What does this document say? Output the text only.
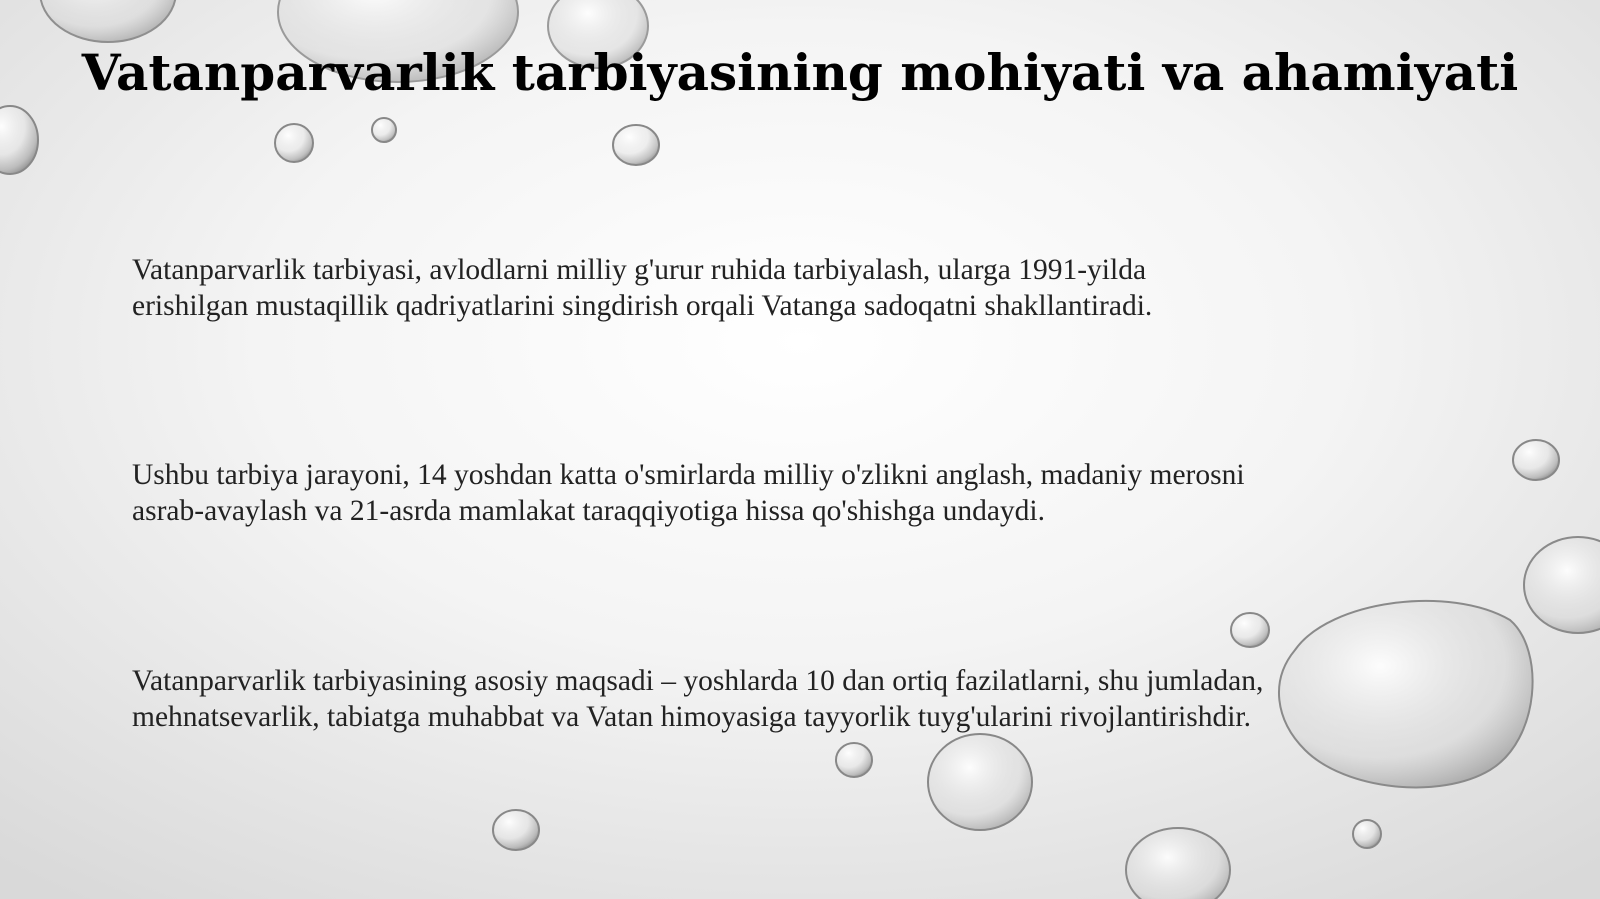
Vatanparvarlik tarbiyasining mohiyati va ahamiyati

Vatanparvarlik tarbiyasi, avlodlarni milliy g'urur ruhida tarbiyalash, ularga 1991-yilda
erishilgan mustaqillik qadriyatlarini singdirish orqali Vatanga sadoqatni shakllantiradi.

Ushbu tarbiya jarayoni, 14 yoshdan katta o'smirlarda milliy o'zlikni anglash, madaniy merosni
asrab-avaylash va 21-asrda mamlakat taraqqiyotiga hissa qo'shishga undaydi.

Vatanparvarlik tarbiyasining asosiy maqsadi – yoshlarda 10 dan ortiq fazilatlarni, shu jumladan,
mehnatsevarlik, tabiatga muhabbat va Vatan himoyasiga tayyorlik tuyg'ularini rivojlantirishdir.
